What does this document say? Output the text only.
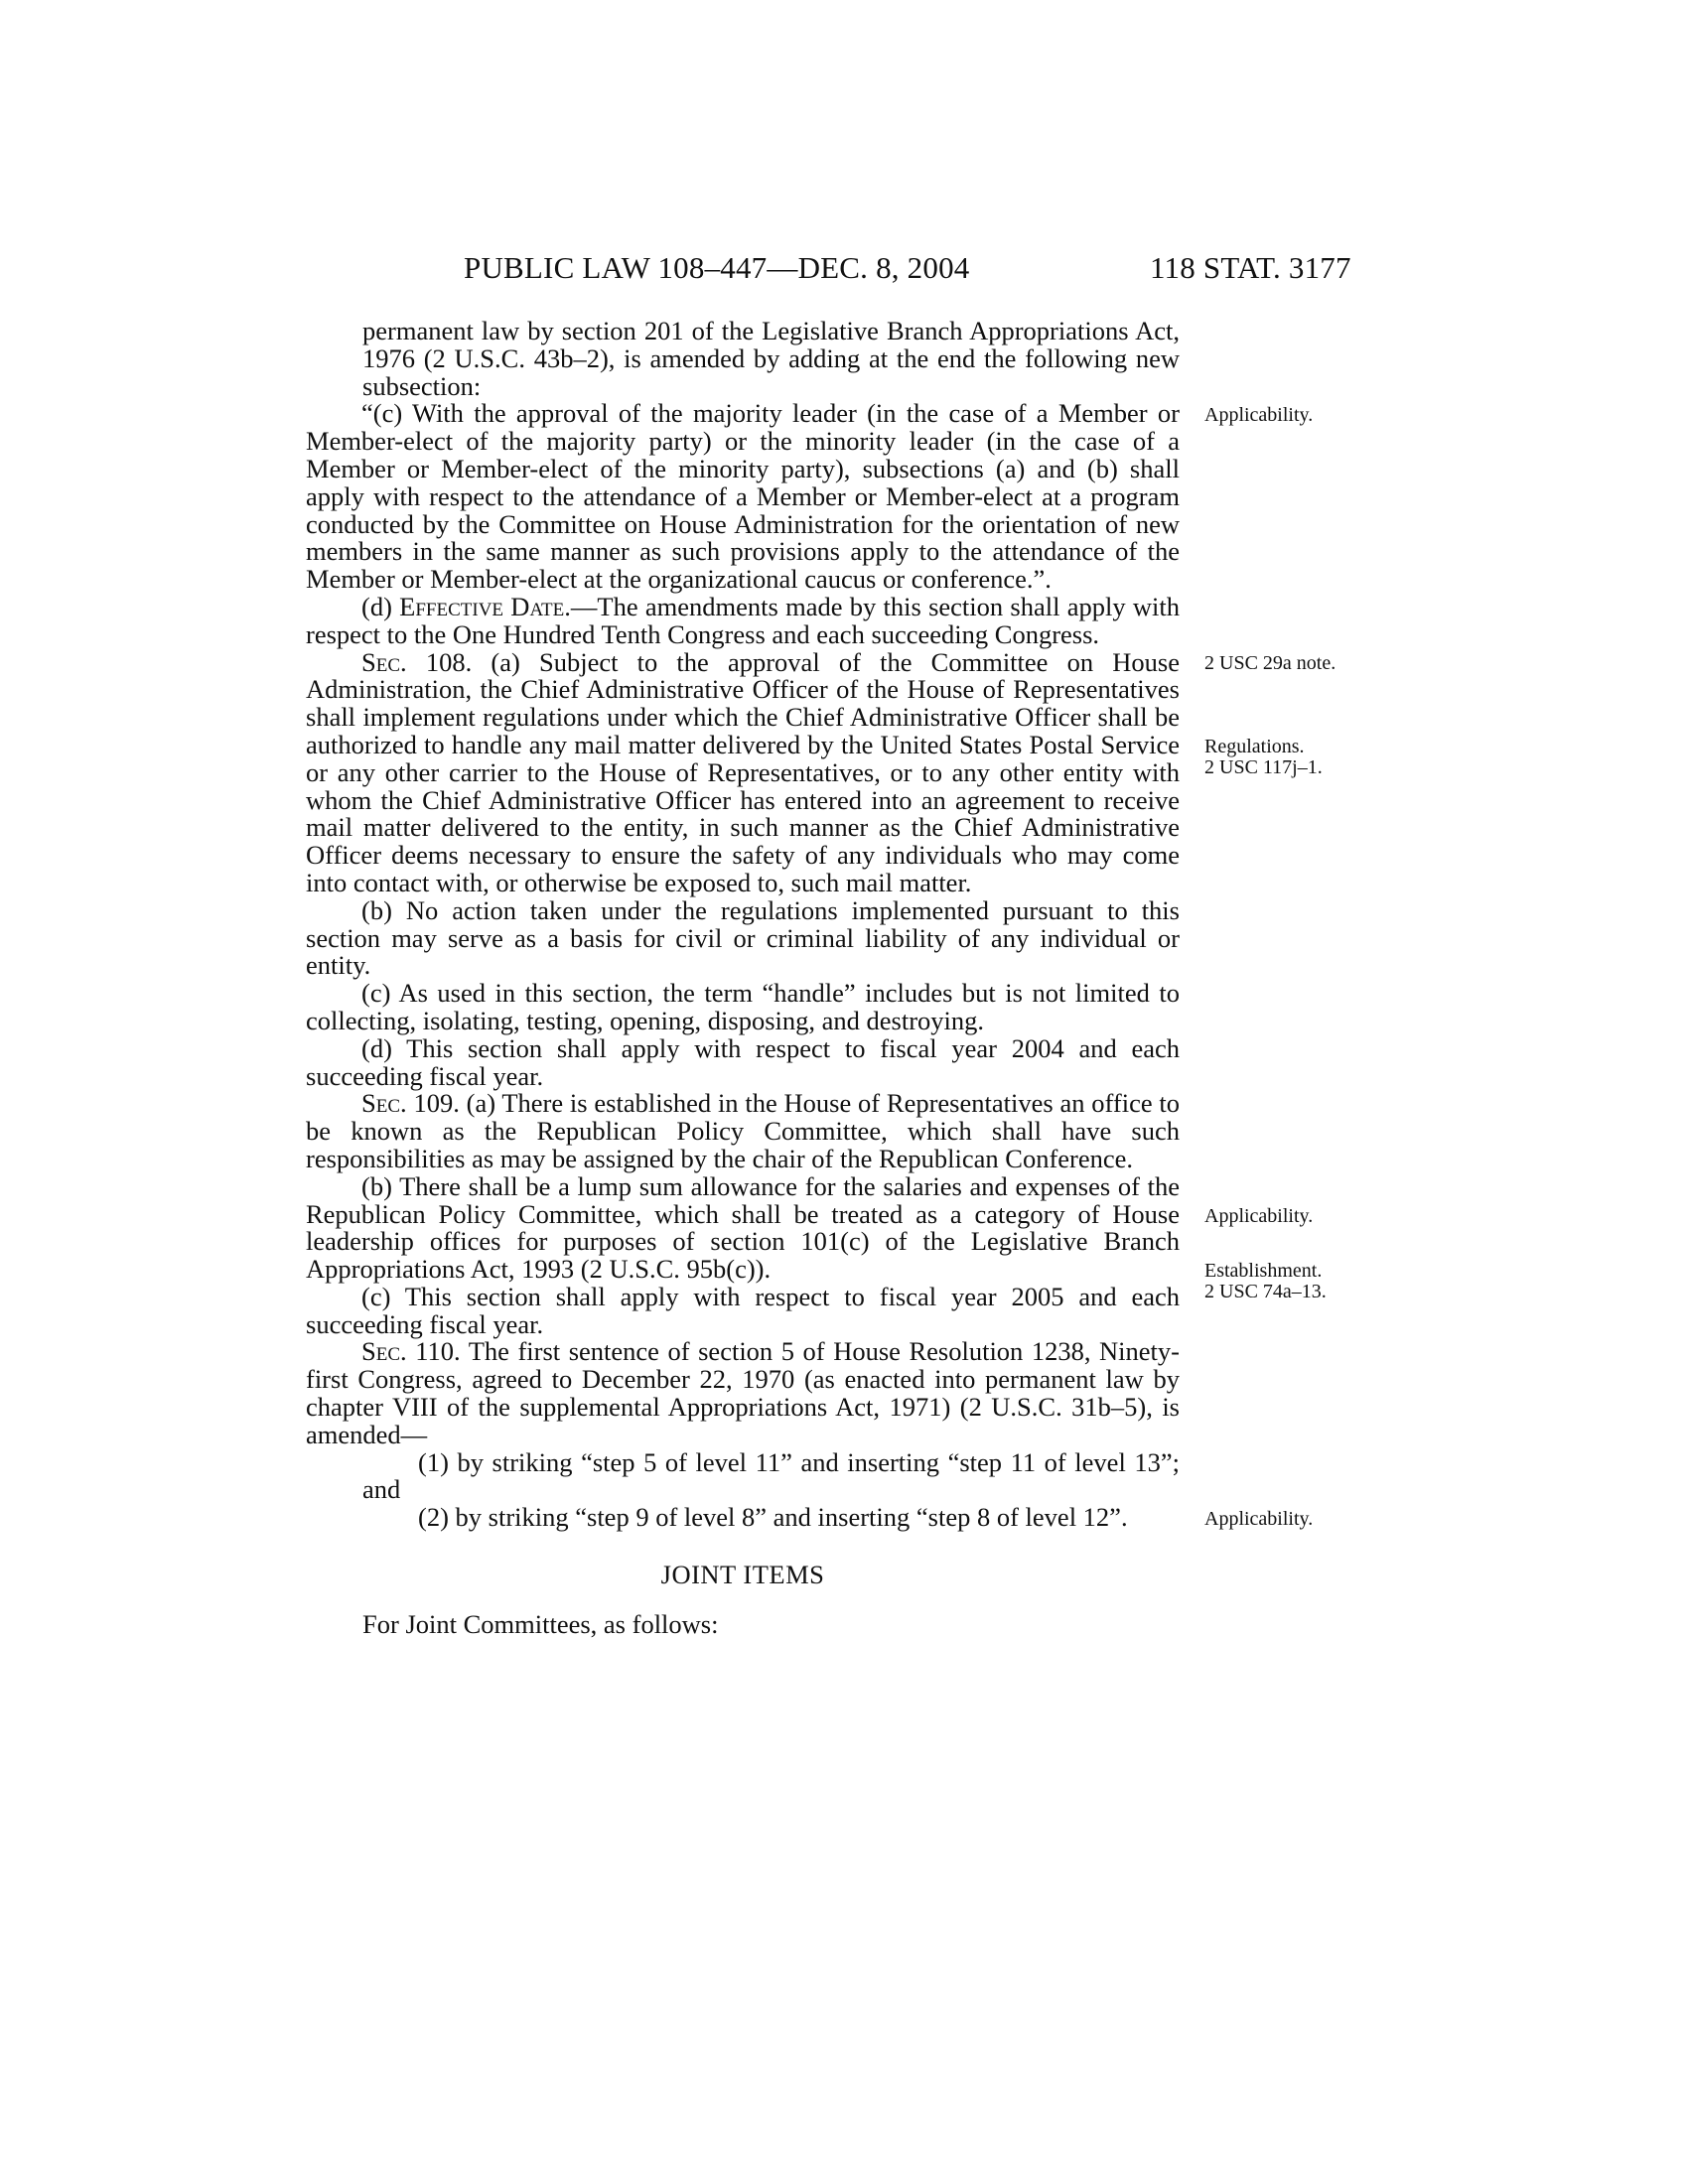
PUBLIC LAW 108–447—DEC. 8, 2004	118 STAT. 3177

permanent law by section 201 of the Legislative Branch Appropriations Act, 1976 (2 U.S.C. 43b–2), is amended by adding at the end the following new subsection:

“(c) With the approval of the majority leader (in the case of a Member or Member-elect of the majority party) or the minority leader (in the case of a Member or Member-elect of the minority party), subsections (a) and (b) shall apply with respect to the attendance of a Member or Member-elect at a program conducted by the Committee on House Administration for the orientation of new members in the same manner as such provisions apply to the attendance of the Member or Member-elect at the organizational caucus or conference.”.

(d) Effective Date.—The amendments made by this section shall apply with respect to the One Hundred Tenth Congress and each succeeding Congress.

Sec. 108. (a) Subject to the approval of the Committee on House Administration, the Chief Administrative Officer of the House of Representatives shall implement regulations under which the Chief Administrative Officer shall be authorized to handle any mail matter delivered by the United States Postal Service or any other carrier to the House of Representatives, or to any other entity with whom the Chief Administrative Officer has entered into an agreement to receive mail matter delivered to the entity, in such manner as the Chief Administrative Officer deems necessary to ensure the safety of any individuals who may come into contact with, or otherwise be exposed to, such mail matter.

(b) No action taken under the regulations implemented pursuant to this section may serve as a basis for civil or criminal liability of any individual or entity.

(c) As used in this section, the term “handle” includes but is not limited to collecting, isolating, testing, opening, disposing, and destroying.

(d) This section shall apply with respect to fiscal year 2004 and each succeeding fiscal year.

Sec. 109. (a) There is established in the House of Representatives an office to be known as the Republican Policy Committee, which shall have such responsibilities as may be assigned by the chair of the Republican Conference.

(b) There shall be a lump sum allowance for the salaries and expenses of the Republican Policy Committee, which shall be treated as a category of House leadership offices for purposes of section 101(c) of the Legislative Branch Appropriations Act, 1993 (2 U.S.C. 95b(c)).

(c) This section shall apply with respect to fiscal year 2005 and each succeeding fiscal year.

Sec. 110. The first sentence of section 5 of House Resolution 1238, Ninety-first Congress, agreed to December 22, 1970 (as enacted into permanent law by chapter VIII of the supplemental Appropriations Act, 1971) (2 U.S.C. 31b–5), is amended—

(1) by striking “step 5 of level 11” and inserting “step 11 of level 13”; and

(2) by striking “step 9 of level 8” and inserting “step 8 of level 12”.

JOINT ITEMS

For Joint Committees, as follows:

Applicability.
2 USC 29a note.
Regulations.
2 USC 117j–1.
Applicability.
Establishment.
2 USC 74a–13.
Applicability.
